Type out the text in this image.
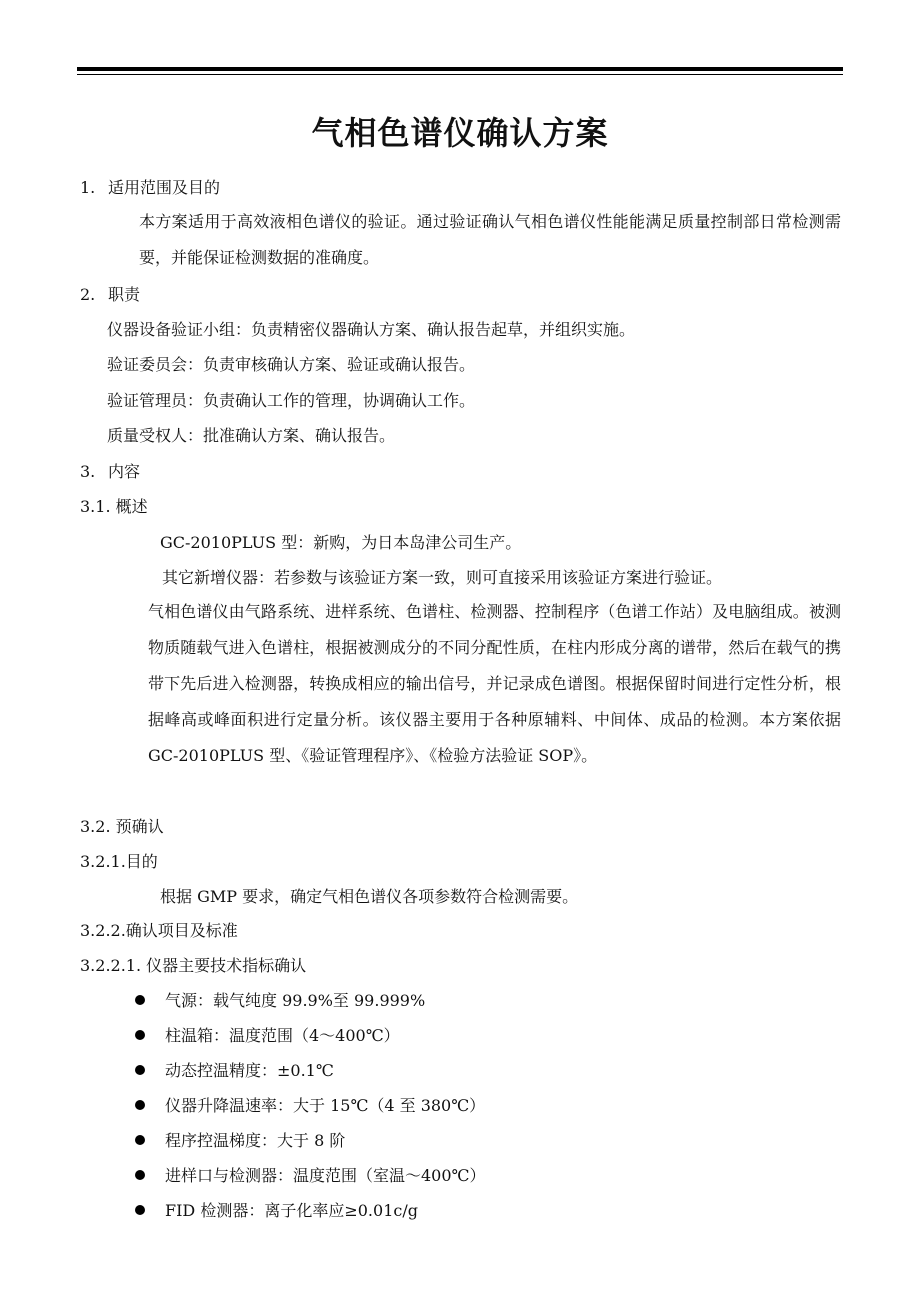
气相色谱仪确认方案
1. 适用范围及目的
本方案适用于高效液相色谱仪的验证。通过验证确认气相色谱仪性能能满足质量控制部日常检测需要，并能保证检测数据的准确度。
2. 职责
仪器设备验证小组：负责精密仪器确认方案、确认报告起草，并组织实施。
验证委员会：负责审核确认方案、验证或确认报告。
验证管理员：负责确认工作的管理，协调确认工作。
质量受权人：批准确认方案、确认报告。
3. 内容
3.1. 概述
GC-2010PLUS 型：新购，为日本岛津公司生产。
其它新增仪器：若参数与该验证方案一致，则可直接采用该验证方案进行验证。
气相色谱仪由气路系统、进样系统、色谱柱、检测器、控制程序（色谱工作站）及电脑组成。被测物质随载气进入色谱柱，根据被测成分的不同分配性质，在柱内形成分离的谱带，然后在载气的携带下先后进入检测器，转换成相应的输出信号，并记录成色谱图。根据保留时间进行定性分析，根据峰高或峰面积进行定量分析。该仪器主要用于各种原辅料、中间体、成品的检测。本方案依据 GC-2010PLUS 型、《验证管理程序》、《检验方法验证 SOP》。
3.2. 预确认
3.2.1.目的
根据 GMP 要求，确定气相色谱仪各项参数符合检测需要。
3.2.2.确认项目及标准
3.2.2.1. 仪器主要技术指标确认
气源：载气纯度 99.9%至 99.999%
柱温箱：温度范围（4～400℃）
动态控温精度：±0.1℃
仪器升降温速率：大于 15℃（4 至 380℃）
程序控温梯度：大于 8 阶
进样口与检测器：温度范围（室温～400℃）
FID 检测器：离子化率应≥0.01c/g
